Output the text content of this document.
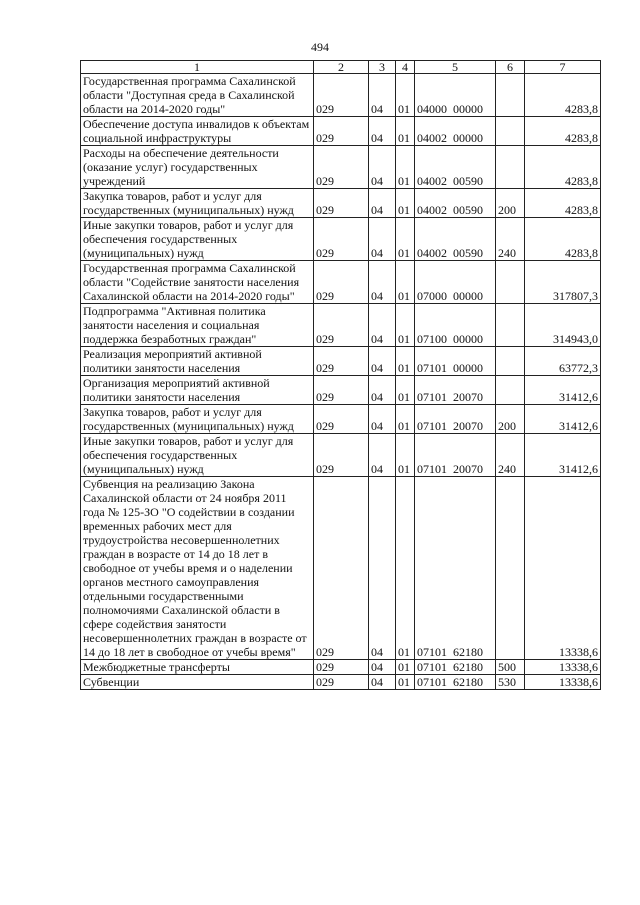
494
1	2	3	4	5	6	7
Государственная программа Сахалинской области "Доступная среда в Сахалинской области на 2014-2020 годы"	029	04	01	04000  00000		4283,8
Обеспечение доступа инвалидов к объектам социальной инфраструктуры	029	04	01	04002  00000		4283,8
Расходы на обеспечение деятельности (оказание услуг) государственных учреждений	029	04	01	04002  00590		4283,8
Закупка товаров, работ и услуг для государственных (муниципальных) нужд	029	04	01	04002  00590	200	4283,8
Иные закупки товаров, работ и услуг для обеспечения государственных (муниципальных) нужд	029	04	01	04002  00590	240	4283,8
Государственная программа Сахалинской области "Содействие занятости населения Сахалинской области на 2014-2020 годы"	029	04	01	07000  00000		317807,3
Подпрограмма "Активная политика занятости населения и социальная поддержка безработных граждан"	029	04	01	07100  00000		314943,0
Реализация мероприятий активной политики занятости населения	029	04	01	07101  00000		63772,3
Организация мероприятий активной политики занятости населения	029	04	01	07101  20070		31412,6
Закупка товаров, работ и услуг для государственных (муниципальных) нужд	029	04	01	07101  20070	200	31412,6
Иные закупки товаров, работ и услуг для обеспечения государственных (муниципальных) нужд	029	04	01	07101  20070	240	31412,6
Субвенция на реализацию Закона Сахалинской области от 24 ноября 2011 года № 125-ЗО "О содействии в создании временных рабочих мест для трудоустройства несовершеннолетних граждан в возрасте от 14 до 18 лет в свободное от учебы время и о наделении органов местного самоуправления отдельными государственными полномочиями Сахалинской области в сфере содействия занятости несовершеннолетних граждан в возрасте от 14 до 18 лет в свободное от учебы время"	029	04	01	07101  62180		13338,6
Межбюджетные трансферты	029	04	01	07101  62180	500	13338,6
Субвенции	029	04	01	07101  62180	530	13338,6
